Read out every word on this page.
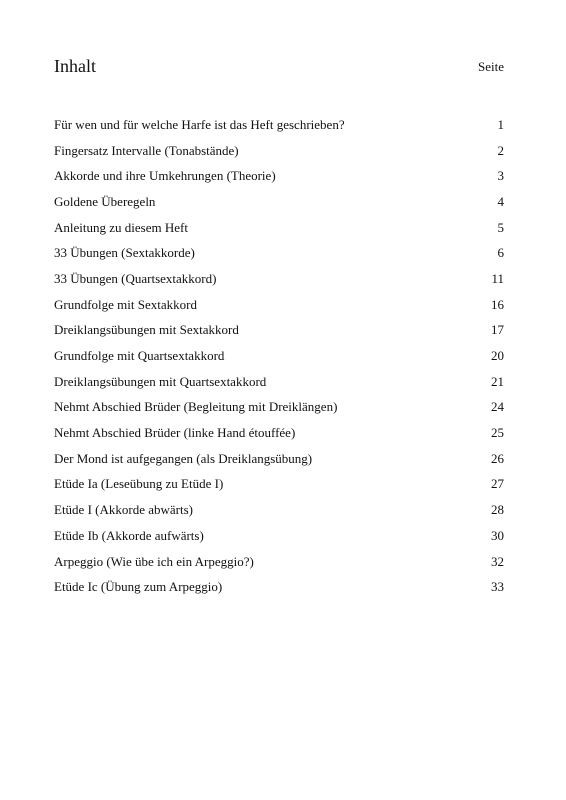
Inhalt	Seite
Für wen und für welche Harfe ist das Heft geschrieben?	1
Fingersatz Intervalle (Tonabstände)	2
Akkorde und ihre Umkehrungen (Theorie)	3
Goldene Überegeln	4
Anleitung zu diesem Heft	5
33 Übungen (Sextakkorde)	6
33 Übungen (Quartsextakkord)	11
Grundfolge mit Sextakkord	16
Dreiklangsübungen mit Sextakkord	17
Grundfolge mit Quartsextakkord	20
Dreiklangsübungen mit Quartsextakkord	21
Nehmt Abschied Brüder (Begleitung mit Dreiklängen)	24
Nehmt Abschied Brüder (linke Hand étouffée)	25
Der Mond ist aufgegangen (als Dreiklangsübung)	26
Etüde Ia (Leseübung zu Etüde I)	27
Etüde I (Akkorde abwärts)	28
Etüde Ib (Akkorde aufwärts)	30
Arpeggio (Wie übe ich ein Arpeggio?)	32
Etüde Ic (Übung zum Arpeggio)	33
